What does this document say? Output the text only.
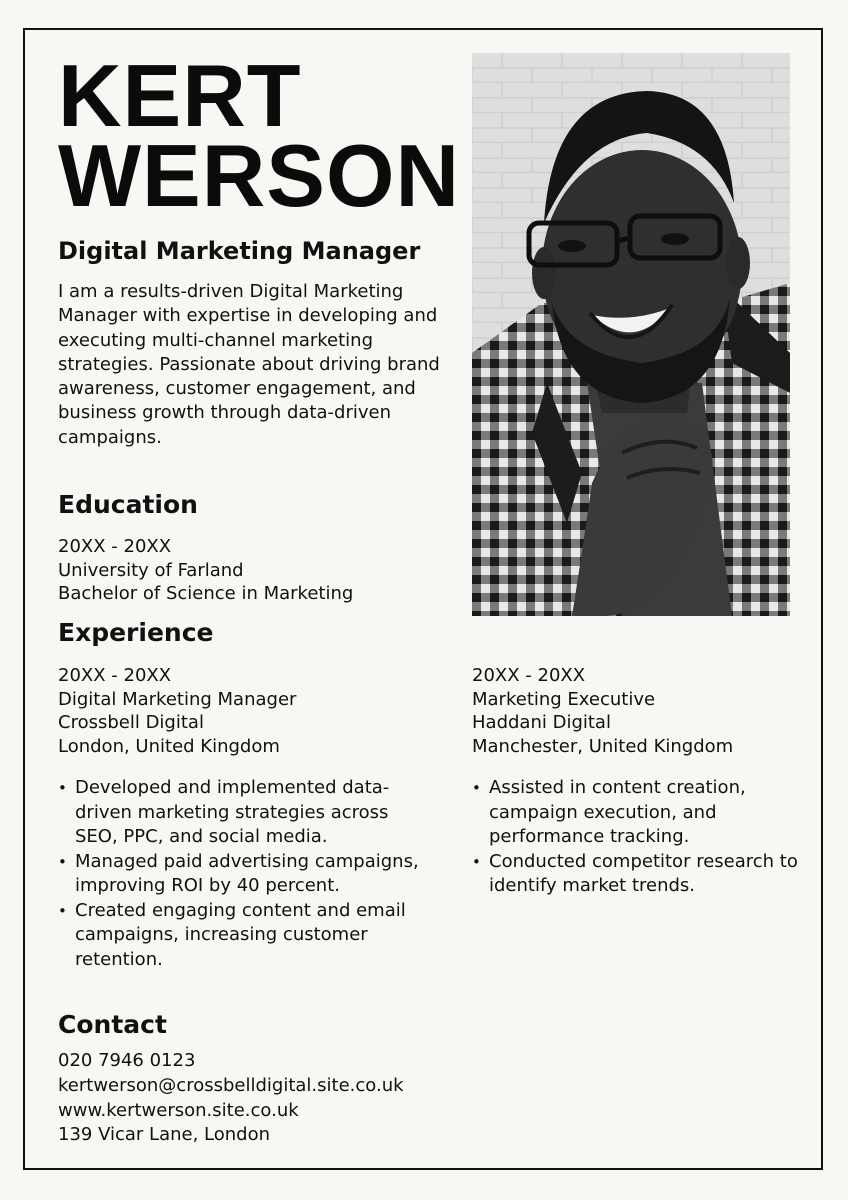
KERT
WERSON
Digital Marketing Manager
I am a results-driven Digital Marketing Manager with expertise in developing and executing multi-channel marketing strategies. Passionate about driving brand awareness, customer engagement, and business growth through data-driven campaigns.
Education
20XX - 20XX
University of Farland
Bachelor of Science in Marketing
Experience
20XX - 20XX
Digital Marketing Manager
Crossbell Digital
London, United Kingdom
• Developed and implemented data-driven marketing strategies across SEO, PPC, and social media.
• Managed paid advertising campaigns, improving ROI by 40 percent.
• Created engaging content and email campaigns, increasing customer retention.
20XX - 20XX
Marketing Executive
Haddani Digital
Manchester, United Kingdom
• Assisted in content creation, campaign execution, and performance tracking.
• Conducted competitor research to identify market trends.
Contact
020 7946 0123
kertwerson@crossbelldigital.site.co.uk
www.kertwerson.site.co.uk
139 Vicar Lane, London
